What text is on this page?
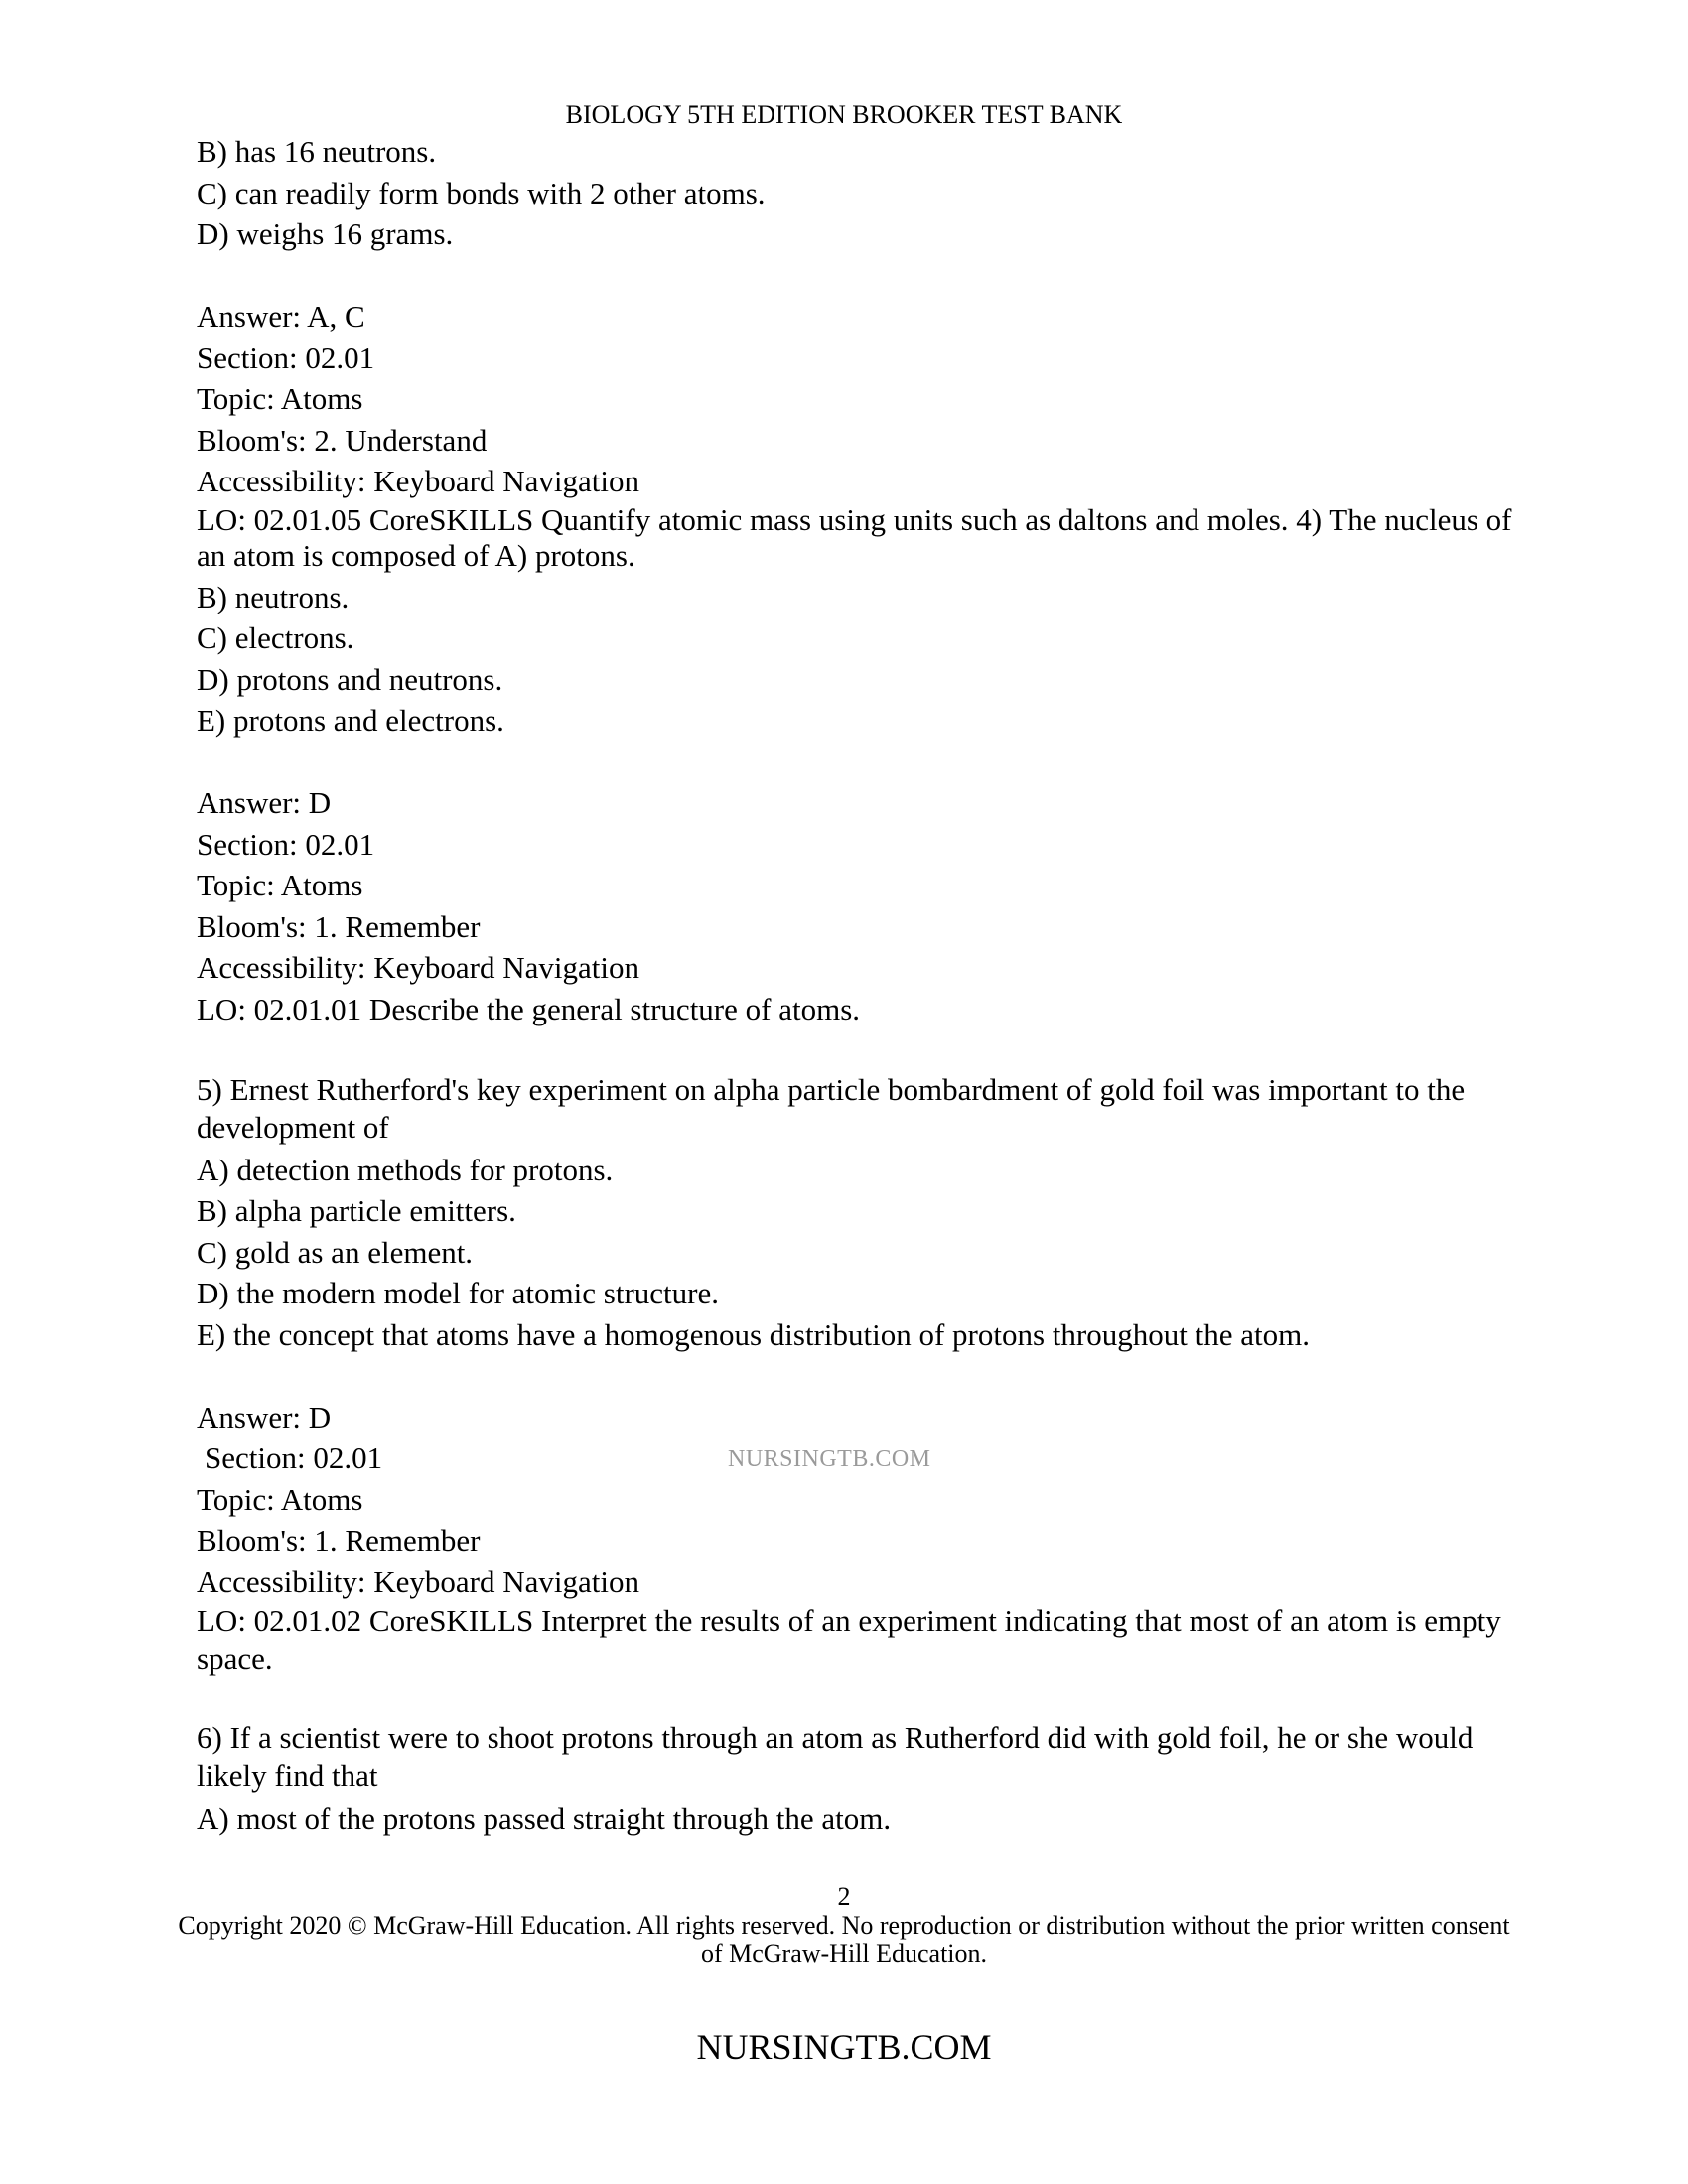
BIOLOGY 5TH EDITION BROOKER TEST BANK

B) has 16 neutrons.

C) can readily form bonds with 2 other atoms.

D) weighs 16 grams.

Answer: A, C

Section: 02.01

Topic: Atoms

Bloom's: 2. Understand

Accessibility: Keyboard Navigation

LO: 02.01.05 CoreSKILLS Quantify atomic mass using units such as daltons and moles. 4) The nucleus of an atom is composed of A) protons.

B) neutrons.

C) electrons.

D) protons and neutrons.

E) protons and electrons.

Answer: D

Section: 02.01

Topic: Atoms

Bloom's: 1. Remember

Accessibility: Keyboard Navigation

LO: 02.01.01 Describe the general structure of atoms.

5) Ernest Rutherford's key experiment on alpha particle bombardment of gold foil was important to the development of

A) detection methods for protons.

B) alpha particle emitters.

C) gold as an element.

D) the modern model for atomic structure.

E) the concept that atoms have a homogenous distribution of protons throughout the atom.

Answer: D

Section: 02.01	NURSINGTB.COM

Topic: Atoms

Bloom's: 1. Remember

Accessibility: Keyboard Navigation

LO: 02.01.02 CoreSKILLS Interpret the results of an experiment indicating that most of an atom is empty space.

6) If a scientist were to shoot protons through an atom as Rutherford did with gold foil, he or she would likely find that

A) most of the protons passed straight through the atom.

2
Copyright 2020 © McGraw-Hill Education. All rights reserved. No reproduction or distribution without the prior written consent of McGraw-Hill Education.
NURSINGTB.COM
